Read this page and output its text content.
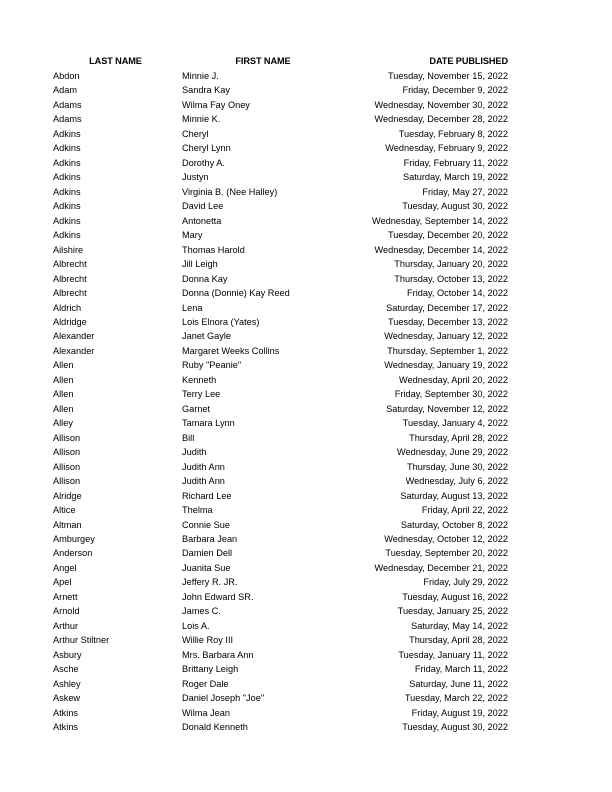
LAST NAME	FIRST NAME	DATE PUBLISHED
Abdon	Minnie J.	Tuesday, November 15, 2022
Adam	Sandra Kay	Friday, December 9, 2022
Adams	Wilma Fay Oney	Wednesday, November 30, 2022
Adams	Minnie K.	Wednesday, December 28, 2022
Adkins	Cheryl	Tuesday, February 8, 2022
Adkins	Cheryl Lynn	Wednesday, February 9, 2022
Adkins	Dorothy A.	Friday, February 11, 2022
Adkins	Justyn	Saturday, March 19, 2022
Adkins	Virginia B. (Nee Halley)	Friday, May 27, 2022
Adkins	David Lee	Tuesday, August 30, 2022
Adkins	Antonetta	Wednesday, September 14, 2022
Adkins	Mary	Tuesday, December 20, 2022
Ailshire	Thomas Harold	Wednesday, December 14, 2022
Albrecht	Jill Leigh	Thursday, January 20, 2022
Albrecht	Donna Kay	Thursday, October 13, 2022
Albrecht	Donna (Donnie) Kay Reed	Friday, October 14, 2022
Aldrich	Lena	Saturday, December 17, 2022
Aldridge	Lois Elnora (Yates)	Tuesday, December 13, 2022
Alexander	Janet Gayle	Wednesday, January 12, 2022
Alexander	Margaret Weeks Collins	Thursday, September 1, 2022
Allen	Ruby "Peanie"	Wednesday, January 19, 2022
Allen	Kenneth	Wednesday, April 20, 2022
Allen	Terry Lee	Friday, September 30, 2022
Allen	Garnet	Saturday, November 12, 2022
Alley	Tamara Lynn	Tuesday, January 4, 2022
Allison	Bill	Thursday, April 28, 2022
Allison	Judith	Wednesday, June 29, 2022
Allison	Judith Ann	Thursday, June 30, 2022
Allison	Judith Ann	Wednesday, July 6, 2022
Alridge	Richard Lee	Saturday, August 13, 2022
Altice	Thelma	Friday, April 22, 2022
Altman	Connie Sue	Saturday, October 8, 2022
Amburgey	Barbara Jean	Wednesday, October 12, 2022
Anderson	Damien Dell	Tuesday, September 20, 2022
Angel	Juanita Sue	Wednesday, December 21, 2022
Apel	Jeffery R. JR.	Friday, July 29, 2022
Arnett	John Edward SR.	Tuesday, August 16, 2022
Arnold	James C.	Tuesday, January 25, 2022
Arthur	Lois A.	Saturday, May 14, 2022
Arthur Stiltner	Willie Roy III	Thursday, April 28, 2022
Asbury	Mrs. Barbara Ann	Tuesday, January 11, 2022
Asche	Brittany Leigh	Friday, March 11, 2022
Ashley	Roger Dale	Saturday, June 11, 2022
Askew	Daniel Joseph "Joe"	Tuesday, March 22, 2022
Atkins	Wilma Jean	Friday, August 19, 2022
Atkins	Donald Kenneth	Tuesday, August 30, 2022
